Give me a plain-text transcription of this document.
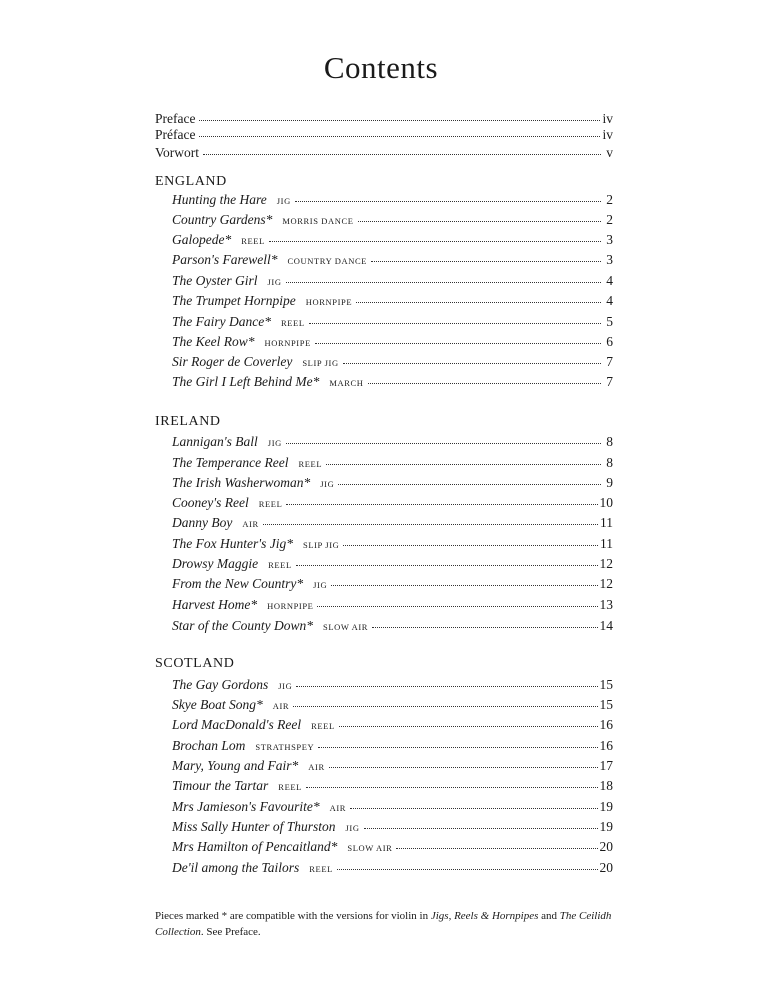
Contents
Preface	iv
Préface	iv
Vorwort	v
ENGLAND
Hunting the Hare JIG	2
Country Gardens* MORRIS DANCE	2
Galopede* REEL	3
Parson's Farewell* COUNTRY DANCE	3
The Oyster Girl JIG	4
The Trumpet Hornpipe HORNPIPE	4
The Fairy Dance* REEL	5
The Keel Row* HORNPIPE	6
Sir Roger de Coverley SLIP JIG	7
The Girl I Left Behind Me* MARCH	7
IRELAND
Lannigan's Ball JIG	8
The Temperance Reel REEL	8
The Irish Washerwoman* JIG	9
Cooney's Reel REEL	10
Danny Boy AIR	11
The Fox Hunter's Jig* SLIP JIG	11
Drowsy Maggie REEL	12
From the New Country* JIG	12
Harvest Home* HORNPIPE	13
Star of the County Down* SLOW AIR	14
SCOTLAND
The Gay Gordons JIG	15
Skye Boat Song* AIR	15
Lord MacDonald's Reel REEL	16
Brochan Lom STRATHSPEY	16
Mary, Young and Fair* AIR	17
Timour the Tartar REEL	18
Mrs Jamieson's Favourite* AIR	19
Miss Sally Hunter of Thurston JIG	19
Mrs Hamilton of Pencaitland* SLOW AIR	20
De'il among the Tailors REEL	20
Pieces marked * are compatible with the versions for violin in Jigs, Reels & Hornpipes and The Ceilidh Collection. See Preface.
